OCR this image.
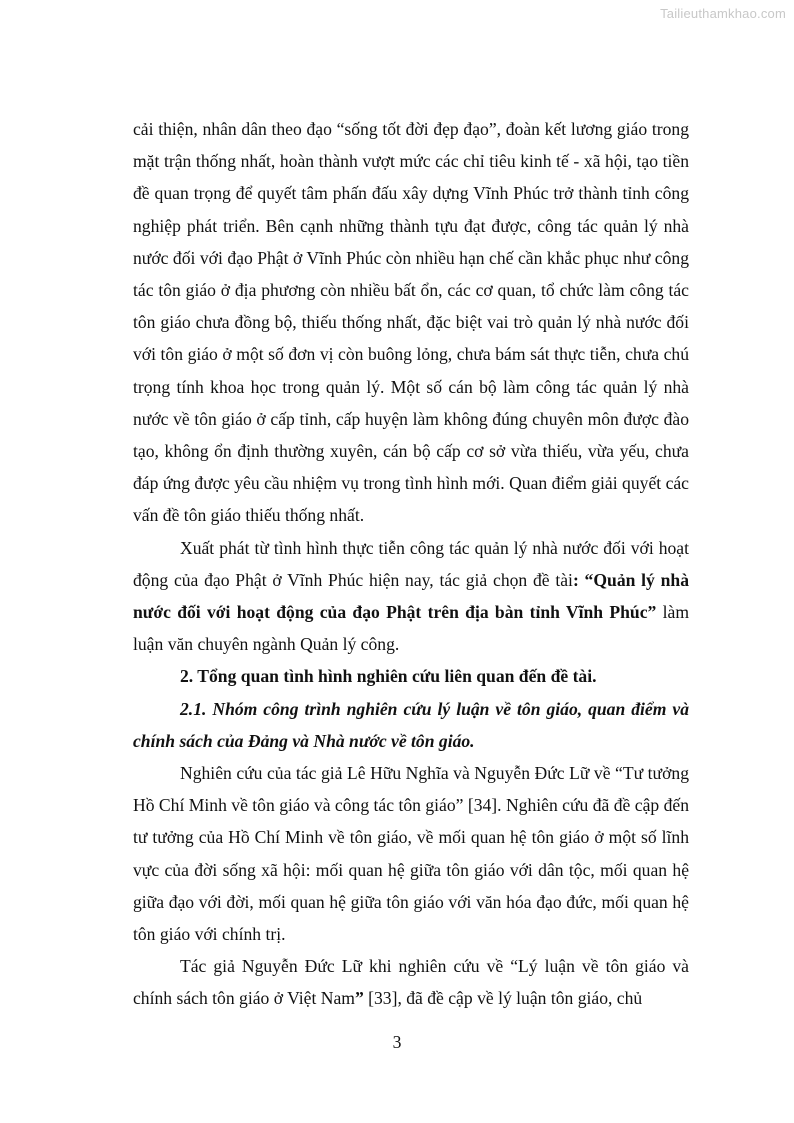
Tailieuthamkhao.com

cải thiện, nhân dân theo đạo “sống tốt đời đẹp đạo”, đoàn kết lương giáo trong mặt trận thống nhất, hoàn thành vượt mức các chỉ tiêu kinh tế - xã hội, tạo tiền đề quan trọng để quyết tâm phấn đấu xây dựng Vĩnh Phúc trở thành tỉnh công nghiệp phát triển. Bên cạnh những thành tựu đạt được, công tác quản lý nhà nước đối với đạo Phật ở Vĩnh Phúc còn nhiều hạn chế cần khắc phục như công tác tôn giáo ở địa phương còn nhiều bất ổn, các cơ quan, tổ chức làm công tác tôn giáo chưa đồng bộ, thiếu thống nhất, đặc biệt vai trò quản lý nhà nước đối với tôn giáo ở một số đơn vị còn buông lỏng, chưa bám sát thực tiễn, chưa chú trọng tính khoa học trong quản lý. Một số cán bộ làm công tác quản lý nhà nước về tôn giáo ở cấp tỉnh, cấp huyện làm không đúng chuyên môn được đào tạo, không ổn định thường xuyên, cán bộ cấp cơ sở vừa thiếu, vừa yếu, chưa đáp ứng được yêu cầu nhiệm vụ trong tình hình mới. Quan điểm giải quyết các vấn đề tôn giáo thiếu thống nhất.

Xuất phát từ tình hình thực tiễn công tác quản lý nhà nước đối với hoạt động của đạo Phật ở Vĩnh Phúc hiện nay, tác giả chọn đề tài: “Quản lý nhà nước đối với hoạt động của đạo Phật trên địa bàn tỉnh Vĩnh Phúc” làm luận văn chuyên ngành Quản lý công.

2. Tổng quan tình hình nghiên cứu liên quan đến đề tài.

2.1. Nhóm công trình nghiên cứu lý luận về tôn giáo, quan điểm và chính sách của Đảng và Nhà nước về tôn giáo.

Nghiên cứu của tác giả Lê Hữu Nghĩa và Nguyễn Đức Lữ về “Tư tưởng Hồ Chí Minh về tôn giáo và công tác tôn giáo” [34]. Nghiên cứu đã đề cập đến tư tưởng của Hồ Chí Minh về tôn giáo, về mối quan hệ tôn giáo ở một số lĩnh vực của đời sống xã hội: mối quan hệ giữa tôn giáo với dân tộc, mối quan hệ giữa đạo với đời, mối quan hệ giữa tôn giáo với văn hóa đạo đức, mối quan hệ tôn giáo với chính trị.

Tác giả Nguyễn Đức Lữ khi nghiên cứu về “Lý luận về tôn giáo và chính sách tôn giáo ở Việt Nam” [33], đã đề cập về lý luận tôn giáo, chủ

3
